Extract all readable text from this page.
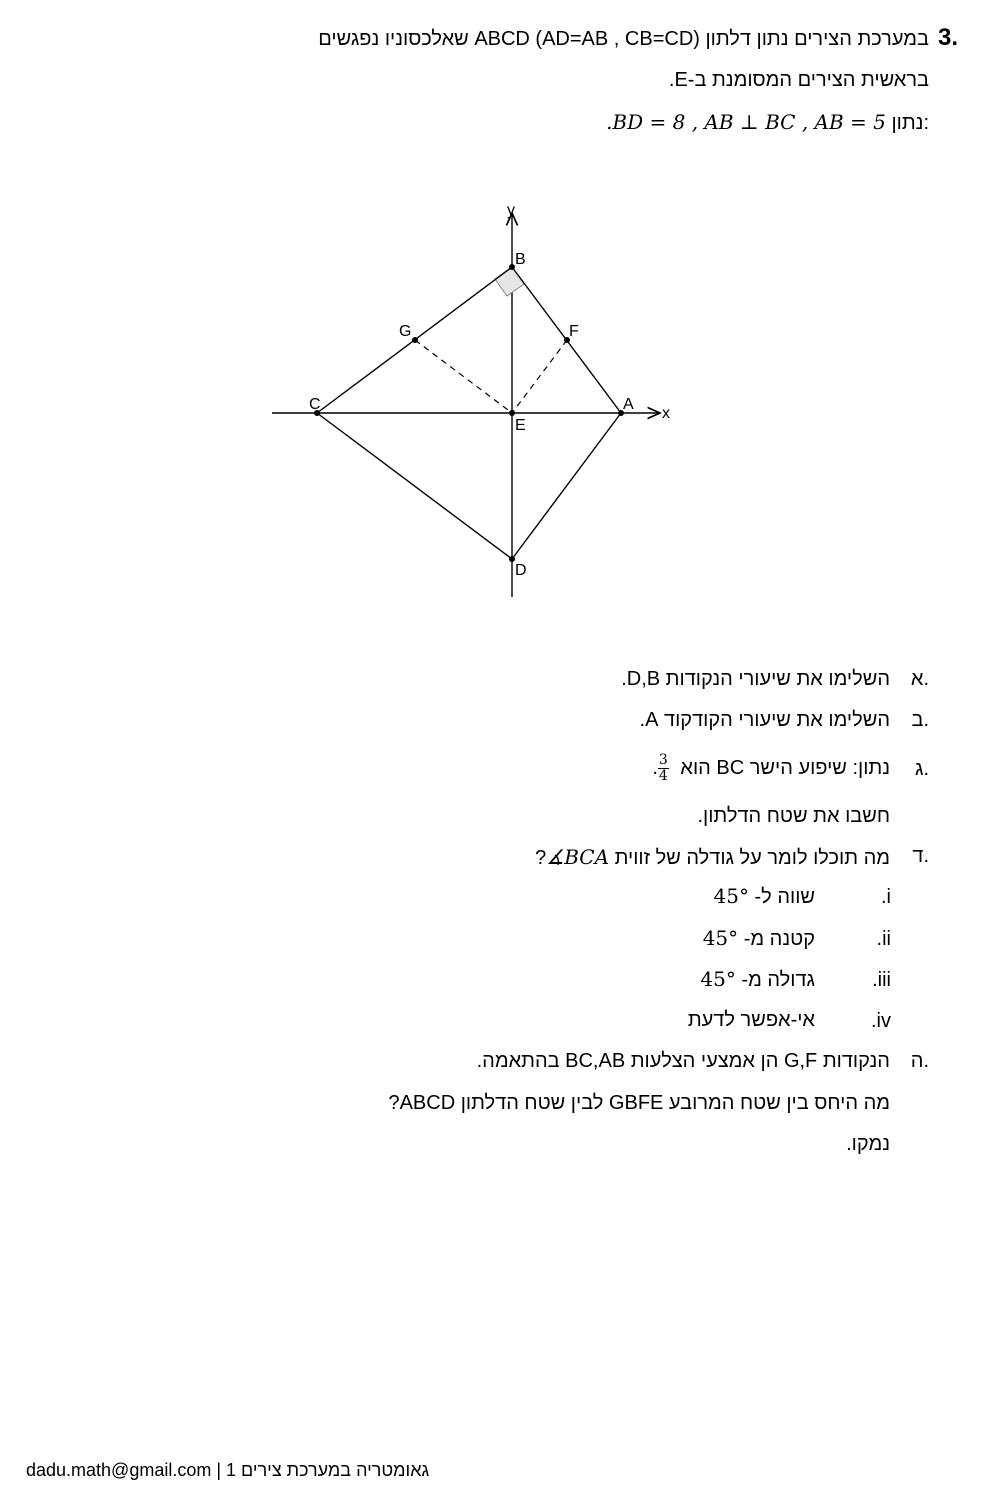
3.
במערכת הצירים נתון דלתון ABCD (AD=AB , CB=CD) שאלכסוניו נפגשים
בראשית הצירים המסומנת ב-E.
.BD = 8 , AB ⊥ BC , AB = 5 נתון:
x
y
A
B
C
D
E
F
G
א.
השלימו את שיעורי הנקודות D,B.
ב.
השלימו את שיעורי הקודקוד A.
ג.
נתון: שיפוע הישר BC הוא
$\frac{3}{4}$
.
חשבו את שטח הדלתון.
ד.
מה תוכלו לומר על גודלה של זווית ∡BCA?
.i
שווה ל- 45°
.ii
קטנה מ- 45°
.iii
גדולה מ- 45°
.iv
אי-אפשר לדעת
ה.
הנקודות G,F הן אמצעי הצלעות BC,AB בהתאמה.
מה היחס בין שטח המרובע GBFE לבין שטח הדלתון ABCD?
נמקו.
dadu.math@gmail.com | גאומטריה במערכת צירים 1
